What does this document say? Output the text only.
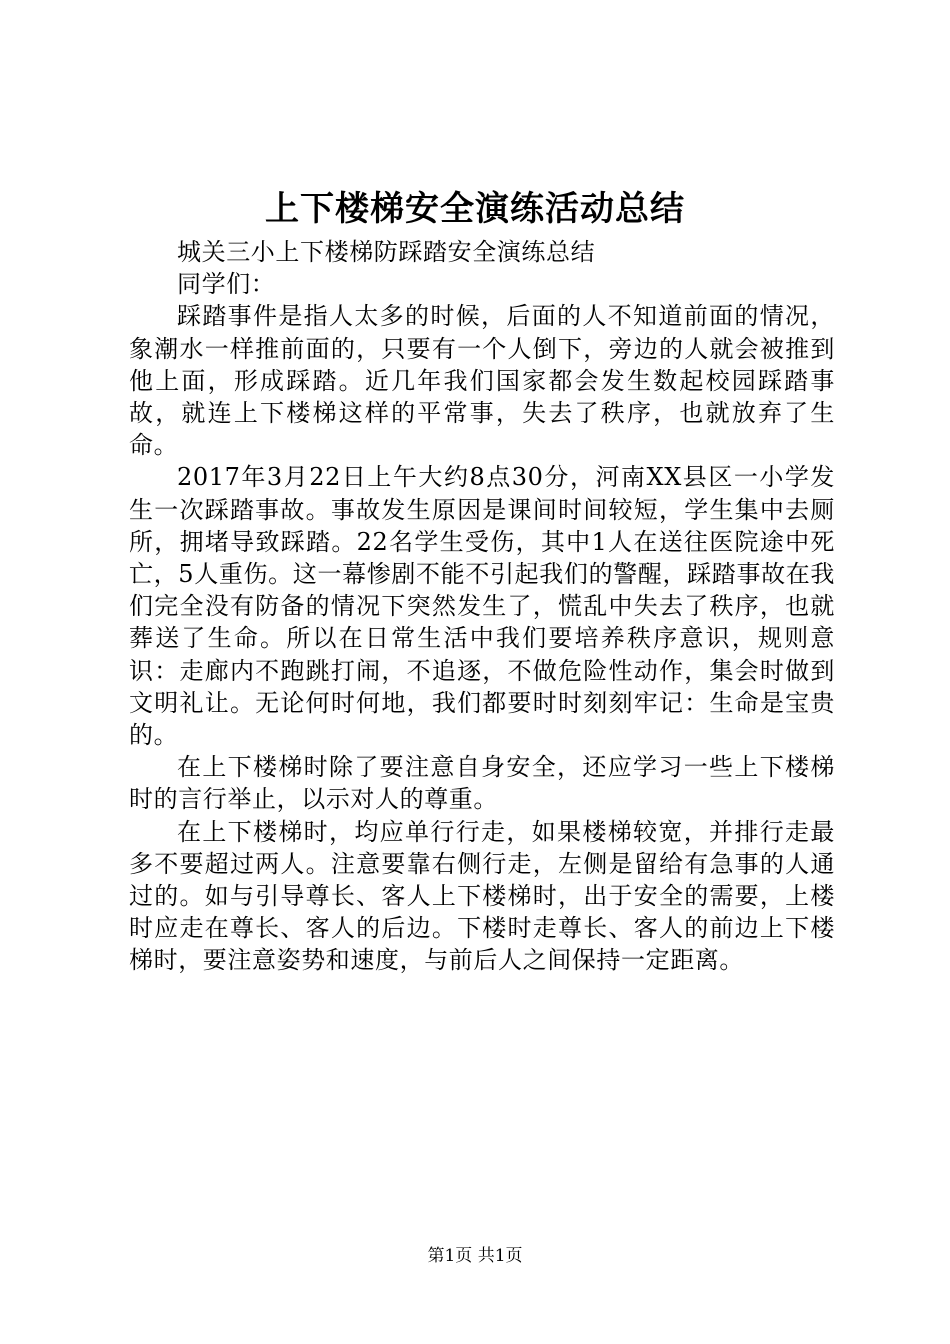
上下楼梯安全演练活动总结

城关三小上下楼梯防踩踏安全演练总结

同学们：

踩踏事件是指人太多的时候，后面的人不知道前面的情况，象潮水一样推前面的，只要有一个人倒下，旁边的人就会被推到他上面，形成踩踏。近几年我们国家都会发生数起校园踩踏事故，就连上下楼梯这样的平常事，失去了秩序，也就放弃了生命。

2017年3月22日上午大约8点30分，河南XX县区一小学发生一次踩踏事故。事故发生原因是课间时间较短，学生集中去厕所，拥堵导致踩踏。22名学生受伤，其中1人在送往医院途中死亡，5人重伤。这一幕惨剧不能不引起我们的警醒，踩踏事故在我们完全没有防备的情况下突然发生了，慌乱中失去了秩序，也就葬送了生命。所以在日常生活中我们要培养秩序意识，规则意识：走廊内不跑跳打闹，不追逐，不做危险性动作，集会时做到文明礼让。无论何时何地，我们都要时时刻刻牢记：生命是宝贵的。

在上下楼梯时除了要注意自身安全，还应学习一些上下楼梯时的言行举止，以示对人的尊重。

在上下楼梯时，均应单行行走，如果楼梯较宽，并排行走最多不要超过两人。注意要靠右侧行走，左侧是留给有急事的人通过的。如与引导尊长、客人上下楼梯时，出于安全的需要，上楼时应走在尊长、客人的后边。下楼时走尊长、客人的前边上下楼梯时，要注意姿势和速度，与前后人之间保持一定距离。

第1页 共1页
